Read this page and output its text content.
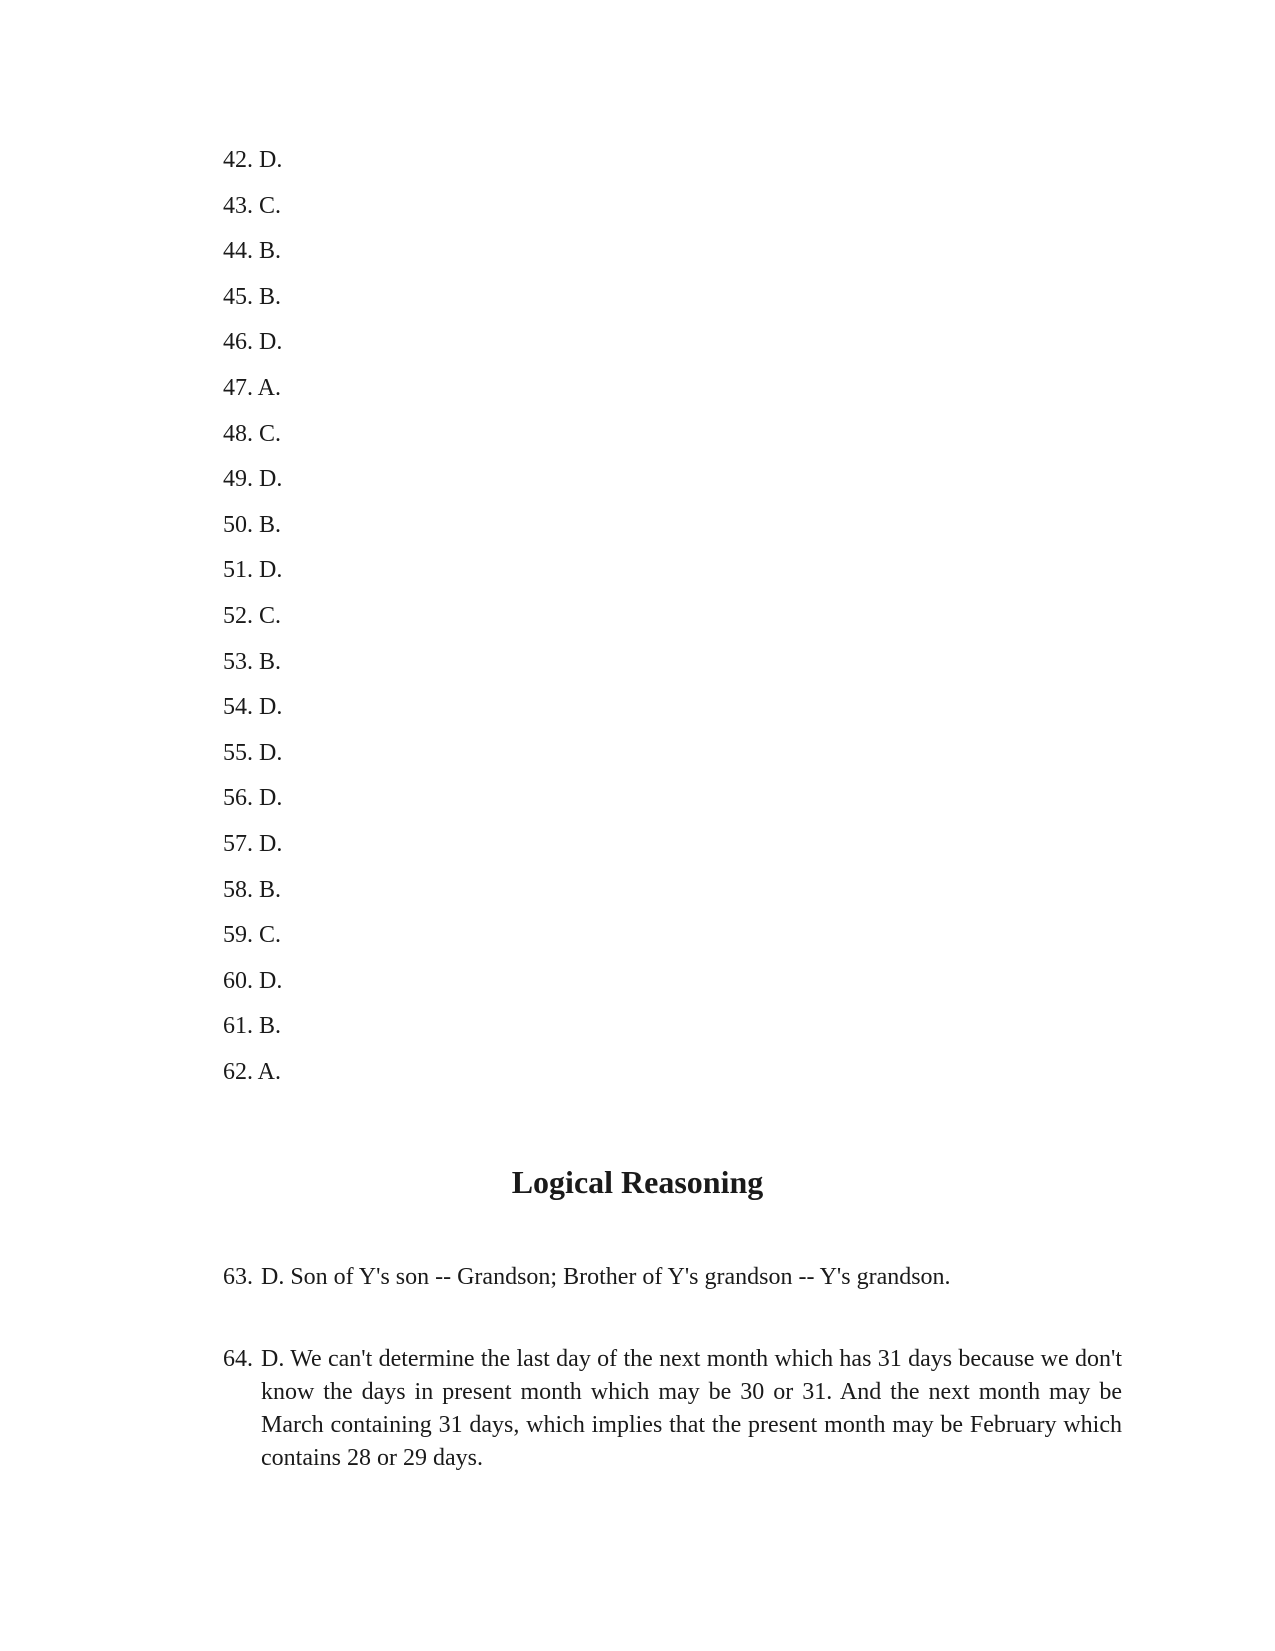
42. D.
43. C.
44. B.
45. B.
46. D.
47. A.
48. C.
49. D.
50. B.
51. D.
52. C.
53. B.
54. D.
55. D.
56. D.
57. D.
58. B.
59. C.
60. D.
61. B.
62. A.
Logical Reasoning

63. D. Son of Y's son -- Grandson; Brother of Y's grandson -- Y's grandson.

64. D. We can't determine the last day of the next month which has 31 days because we don't know the days in present month which may be 30 or 31. And the next month may be March containing 31 days, which implies that the present month may be February which contains 28 or 29 days.
